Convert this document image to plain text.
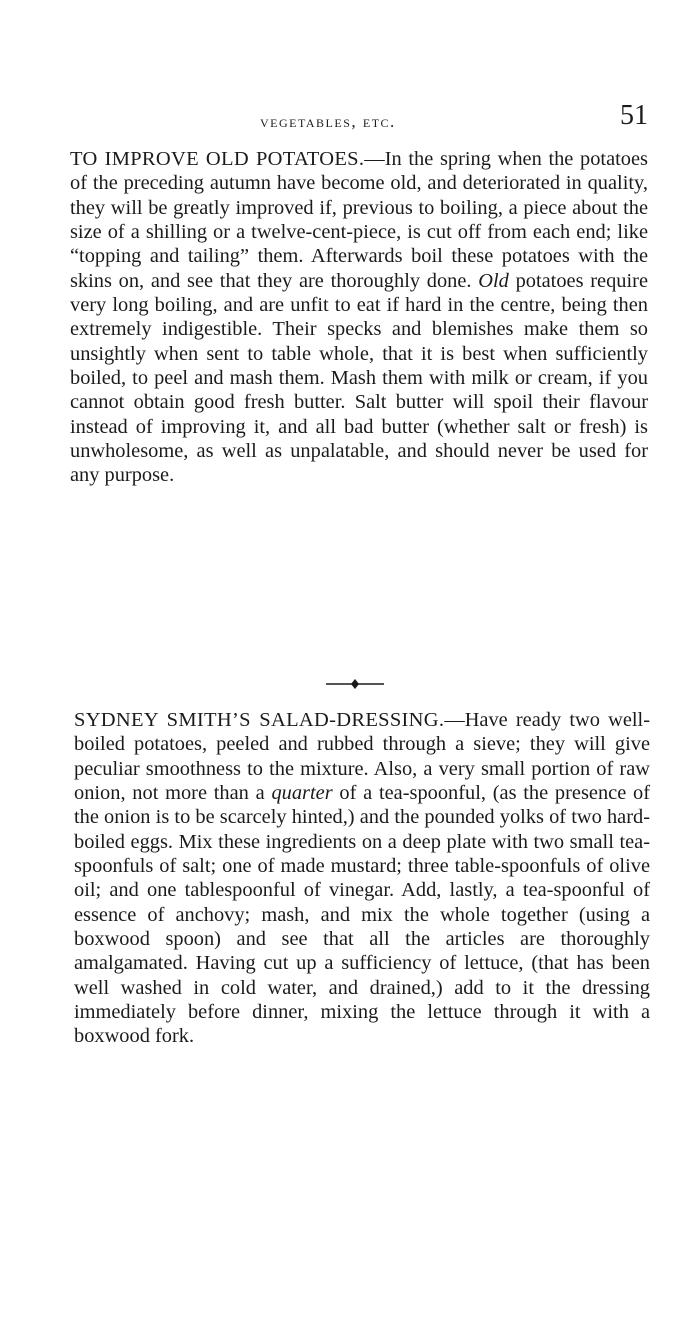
vegetables, etc.	51

TO IMPROVE OLD POTATOES.—In the spring when the potatoes of the preceding autumn have become old, and deteriorated in quality, they will be greatly improved if, previous to boiling, a piece about the size of a shilling or a twelve-cent-piece, is cut off from each end; like “topping and tailing” them. Afterwards boil these potatoes with the skins on, and see that they are thoroughly done. Old potatoes require very long boiling, and are unfit to eat if hard in the centre, being then extremely indigestible. Their specks and blemishes make them so unsightly when sent to table whole, that it is best when sufficiently boiled, to peel and mash them. Mash them with milk or cream, if you cannot obtain good fresh butter. Salt butter will spoil their flavour instead of improving it, and all bad butter (whether salt or fresh) is unwholesome, as well as unpalatable, and should never be used for any purpose.

SYDNEY SMITH’S SALAD-DRESSING.—Have ready two well-boiled potatoes, peeled and rubbed through a sieve; they will give peculiar smoothness to the mixture. Also, a very small portion of raw onion, not more than a quarter of a tea-spoonful, (as the presence of the onion is to be scarcely hinted,) and the pounded yolks of two hard-boiled eggs. Mix these ingredients on a deep plate with two small tea-spoonfuls of salt; one of made mustard; three table-spoonfuls of olive oil; and one tablespoonful of vinegar. Add, lastly, a tea-spoonful of essence of anchovy; mash, and mix the whole together (using a boxwood spoon) and see that all the articles are thoroughly amalgamated. Having cut up a sufficiency of lettuce, (that has been well washed in cold water, and drained,) add to it the dressing immediately before dinner, mixing the lettuce through it with a boxwood fork.
